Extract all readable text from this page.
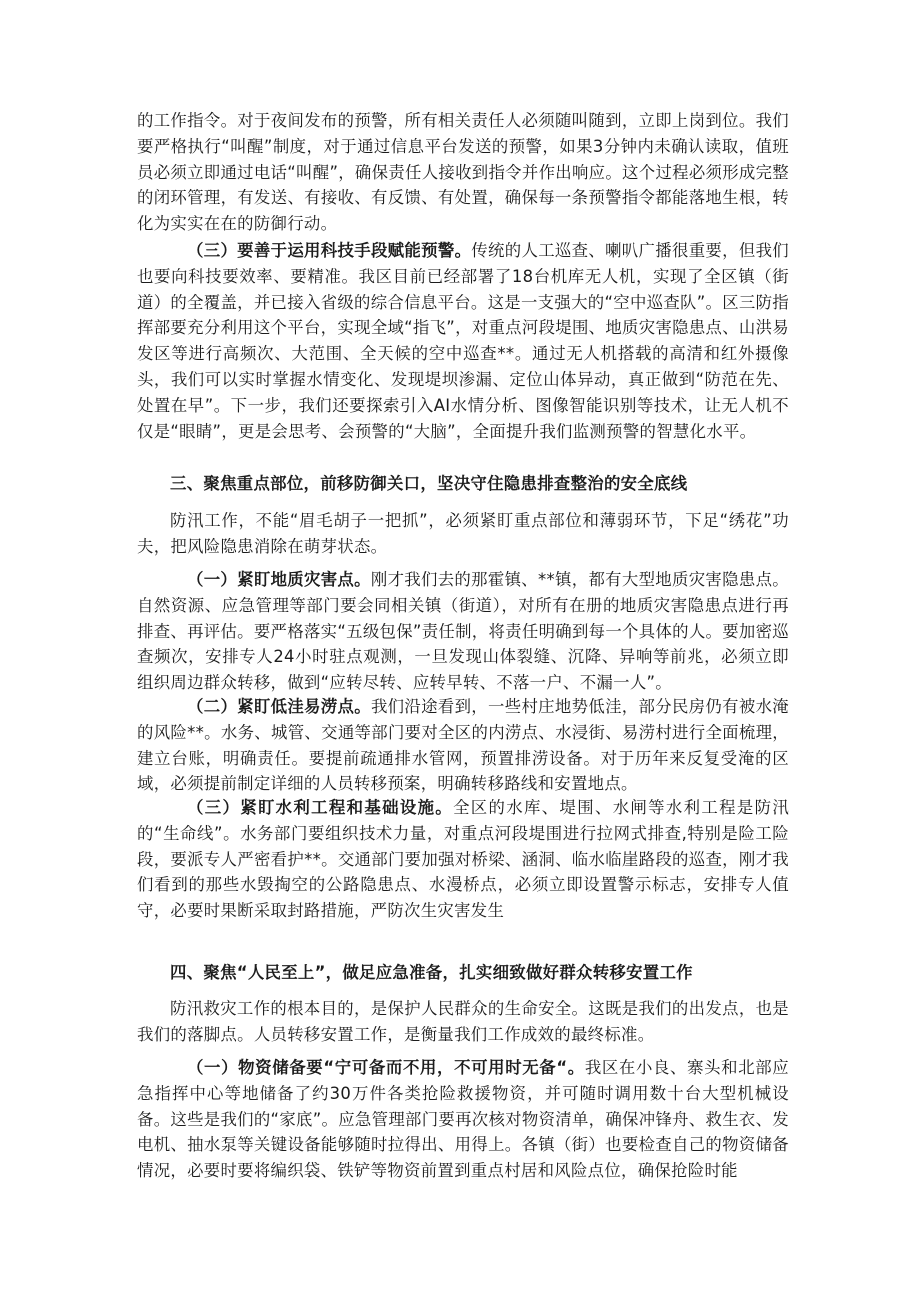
的工作指令。对于夜间发布的预警，所有相关责任人必须随叫随到，立即上岗到位。我们要严格执行“叫醒”制度，对于通过信息平台发送的预警，如果3分钟内未确认读取，值班员必须立即通过电话“叫醒”，确保责任人接收到指令并作出响应。这个过程必须形成完整的闭环管理，有发送、有接收、有反馈、有处置，确保每一条预警指令都能落地生根，转化为实实在在的防御行动。

（三）要善于运用科技手段赋能预警。传统的人工巡查、喇叭广播很重要，但我们也要向科技要效率、要精准。我区目前已经部署了18台机库无人机，实现了全区镇（街道）的全覆盖，并已接入省级的综合信息平台。这是一支强大的“空中巡查队”。区三防指挥部要充分利用这个平台，实现全域“指飞”，对重点河段堤围、地质灾害隐患点、山洪易发区等进行高频次、大范围、全天候的空中巡查**。通过无人机搭载的高清和红外摄像头，我们可以实时掌握水情变化、发现堤坝渗漏、定位山体异动，真正做到“防范在先、处置在早”。下一步，我们还要探索引入AI水情分析、图像智能识别等技术，让无人机不仅是“眼睛”，更是会思考、会预警的“大脑”，全面提升我们监测预警的智慧化水平。

三、聚焦重点部位，前移防御关口，坚决守住隐患排查整治的安全底线

防汛工作，不能“眉毛胡子一把抓”，必须紧盯重点部位和薄弱环节，下足“绣花”功夫，把风险隐患消除在萌芽状态。

（一）紧盯地质灾害点。刚才我们去的那霍镇、**镇，都有大型地质灾害隐患点。自然资源、应急管理等部门要会同相关镇（街道），对所有在册的地质灾害隐患点进行再排查、再评估。要严格落实“五级包保”责任制，将责任明确到每一个具体的人。要加密巡查频次，安排专人24小时驻点观测，一旦发现山体裂缝、沉降、异响等前兆，必须立即组织周边群众转移，做到“应转尽转、应转早转、不落一户、不漏一人”。

（二）紧盯低洼易涝点。我们沿途看到，一些村庄地势低洼，部分民房仍有被水淹的风险**。水务、城管、交通等部门要对全区的内涝点、水浸街、易涝村进行全面梳理，建立台账，明确责任。要提前疏通排水管网，预置排涝设备。对于历年来反复受淹的区域，必须提前制定详细的人员转移预案，明确转移路线和安置地点。

（三）紧盯水利工程和基础设施。全区的水库、堤围、水闸等水利工程是防汛的“生命线”。水务部门要组织技术力量，对重点河段堤围进行拉网式排查,特别是险工险段，要派专人严密看护**。交通部门要加强对桥梁、涵洞、临水临崖路段的巡查，刚才我们看到的那些水毁掏空的公路隐患点、水漫桥点，必须立即设置警示标志，安排专人值守，必要时果断采取封路措施，严防次生灾害发生

四、聚焦“人民至上”，做足应急准备，扎实细致做好群众转移安置工作

防汛救灾工作的根本目的，是保护人民群众的生命安全。这既是我们的出发点，也是我们的落脚点。人员转移安置工作，是衡量我们工作成效的最终标准。

（一）物资储备要“宁可备而不用，不可用时无备“。我区在小良、寨头和北部应急指挥中心等地储备了约30万件各类抢险救援物资，并可随时调用数十台大型机械设备。这些是我们的“家底”。应急管理部门要再次核对物资清单，确保冲锋舟、救生衣、发电机、抽水泵等关键设备能够随时拉得出、用得上。各镇（街）也要检查自己的物资储备情况，必要时要将编织袋、铁铲等物资前置到重点村居和风险点位，确保抢险时能
